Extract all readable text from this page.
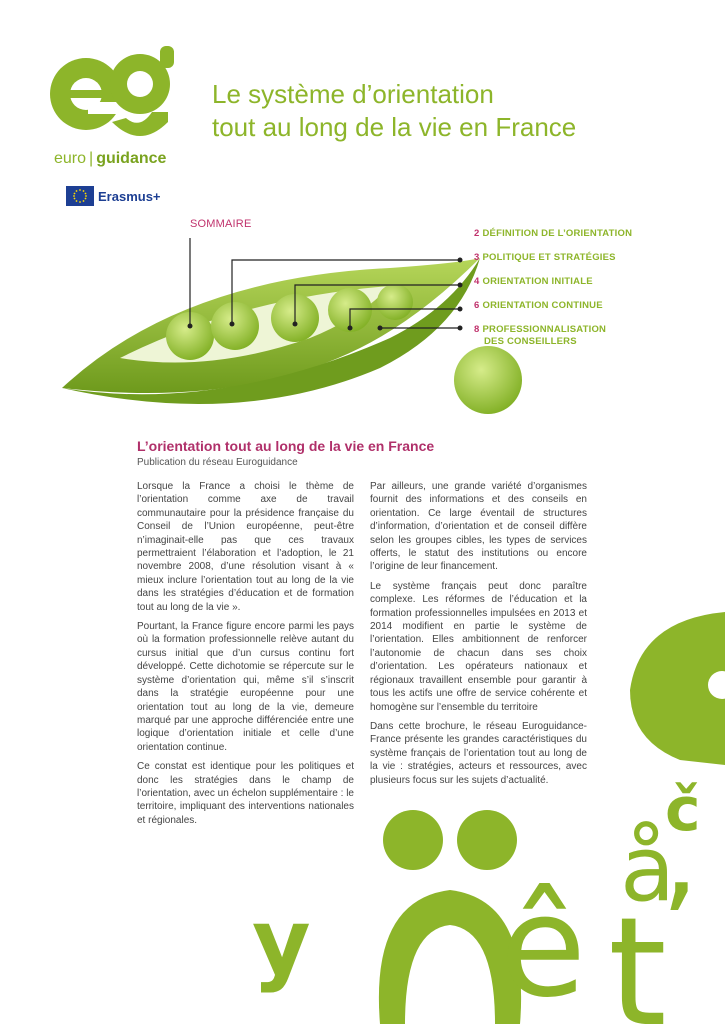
euro | guidance
Le système d’orientation
tout au long de la vie en France
Erasmus+
SOMMAIRE
2 DÉFINITION DE L’ORIENTATION
3 POLITIQUE ET STRATÉGIES
4 ORIENTATION INITIALE
6 ORIENTATION CONTINUE
8 PROFESSIONNALISATION
DES CONSEILLERS
L’orientation tout au long de la vie en France
Publication du réseau Euroguidance

Lorsque la France a choisi le thème de l’orientation comme axe de travail communautaire pour la présidence française du Conseil de l’Union européenne, peut-être n’imaginait-elle pas que ces travaux permettraient l’élaboration et l’adoption, le 21 novembre 2008, d’une résolution visant à « mieux inclure l’orientation tout au long de la vie dans les stratégies d’éducation et de formation tout au long de la vie ».

Pourtant, la France figure encore parmi les pays où la formation professionnelle relève autant du cursus initial que d’un cursus continu fort développé. Cette dichotomie se répercute sur le système d’orientation qui, même s’il s’inscrit dans la stratégie européenne pour une orientation tout au long de la vie, demeure marqué par une approche différenciée entre une logique d’orientation initiale et celle d’une orientation continue.

Ce constat est identique pour les politiques et donc les stratégies dans le champ de l’orientation, avec un échelon supplémentaire : le territoire, impliquant des interventions nationales et régionales.

Par ailleurs, une grande variété d’organismes fournit des informations et des conseils en orientation. Ce large éventail de structures d’information, d’orientation et de conseil diffère selon les groupes cibles, les types de services offerts, le statut des institutions ou encore l’origine de leur financement.

Le système français peut donc paraître complexe. Les réformes de l’éducation et la formation professionnelles impulsées en 2013 et 2014 modifient en partie le système de l’orientation. Elles ambitionnent de renforcer l’autonomie de chacun dans ses choix d’orientation. Les opérateurs nationaux et régionaux travaillent ensemble pour garantir à tous les actifs une offre de service cohérente et homogène sur l’ensemble du territoire

Dans cette brochure, le réseau Euroguidance-France présente les grandes caractéristiques du système français de l’orientation tout au long de la vie : stratégies, acteurs et ressources, avec plusieurs focus sur les sujets d’actualité.

y ê t
å
č
’
